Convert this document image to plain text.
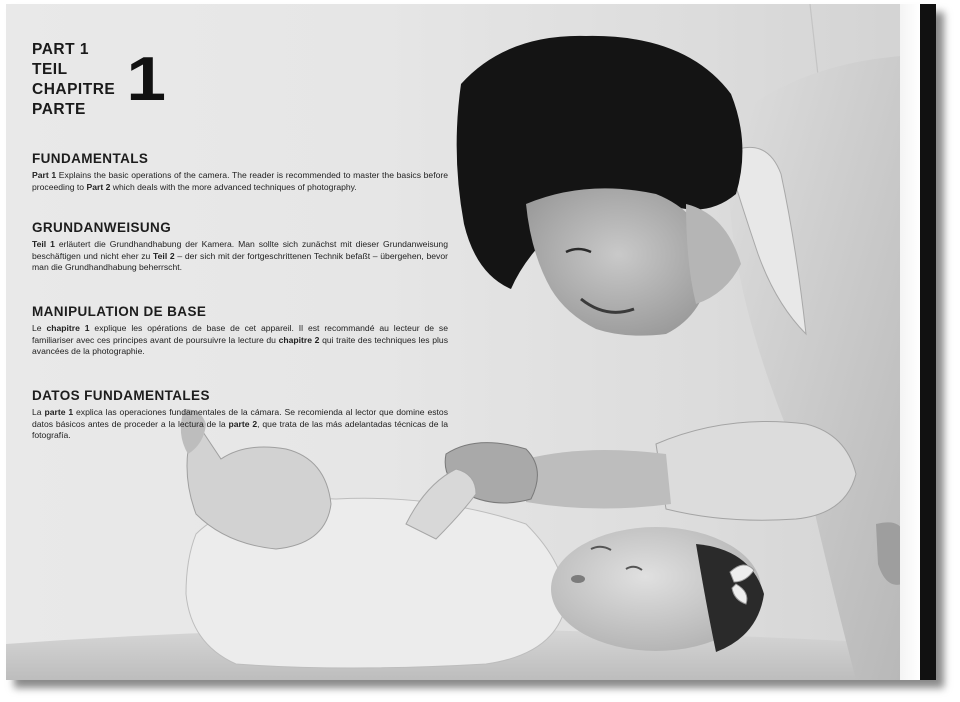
PART 1
TEIL
CHAPITRE
PARTE 1
FUNDAMENTALS

Part 1 Explains the basic operations of the camera. The reader is recommended to master the basics before proceeding to Part 2 which deals with the more advanced techniques of photography.

GRUNDANWEISUNG

Teil 1 erläutert die Grundhandhabung der Kamera. Man sollte sich zunächst mit dieser Grundanweisung beschäftigen und nicht eher zu Teil 2 – der sich mit der fortgeschrittenen Technik befaßt – übergehen, bevor man die Grundhandhabung beherrscht.

MANIPULATION DE BASE

Le chapitre 1 explique les opérations de base de cet appareil. Il est recommandé au lecteur de se familiariser avec ces principes avant de poursuivre la lecture du chapitre 2 qui traite des techniques les plus avancées de la photographie.

DATOS FUNDAMENTALES

La parte 1 explica las operaciones fundamentales de la cámara. Se recomienda al lector que domine estos datos básicos antes de proceder a la lectura de la parte 2, que trata de las más adelantadas técnicas de la fotografía.
